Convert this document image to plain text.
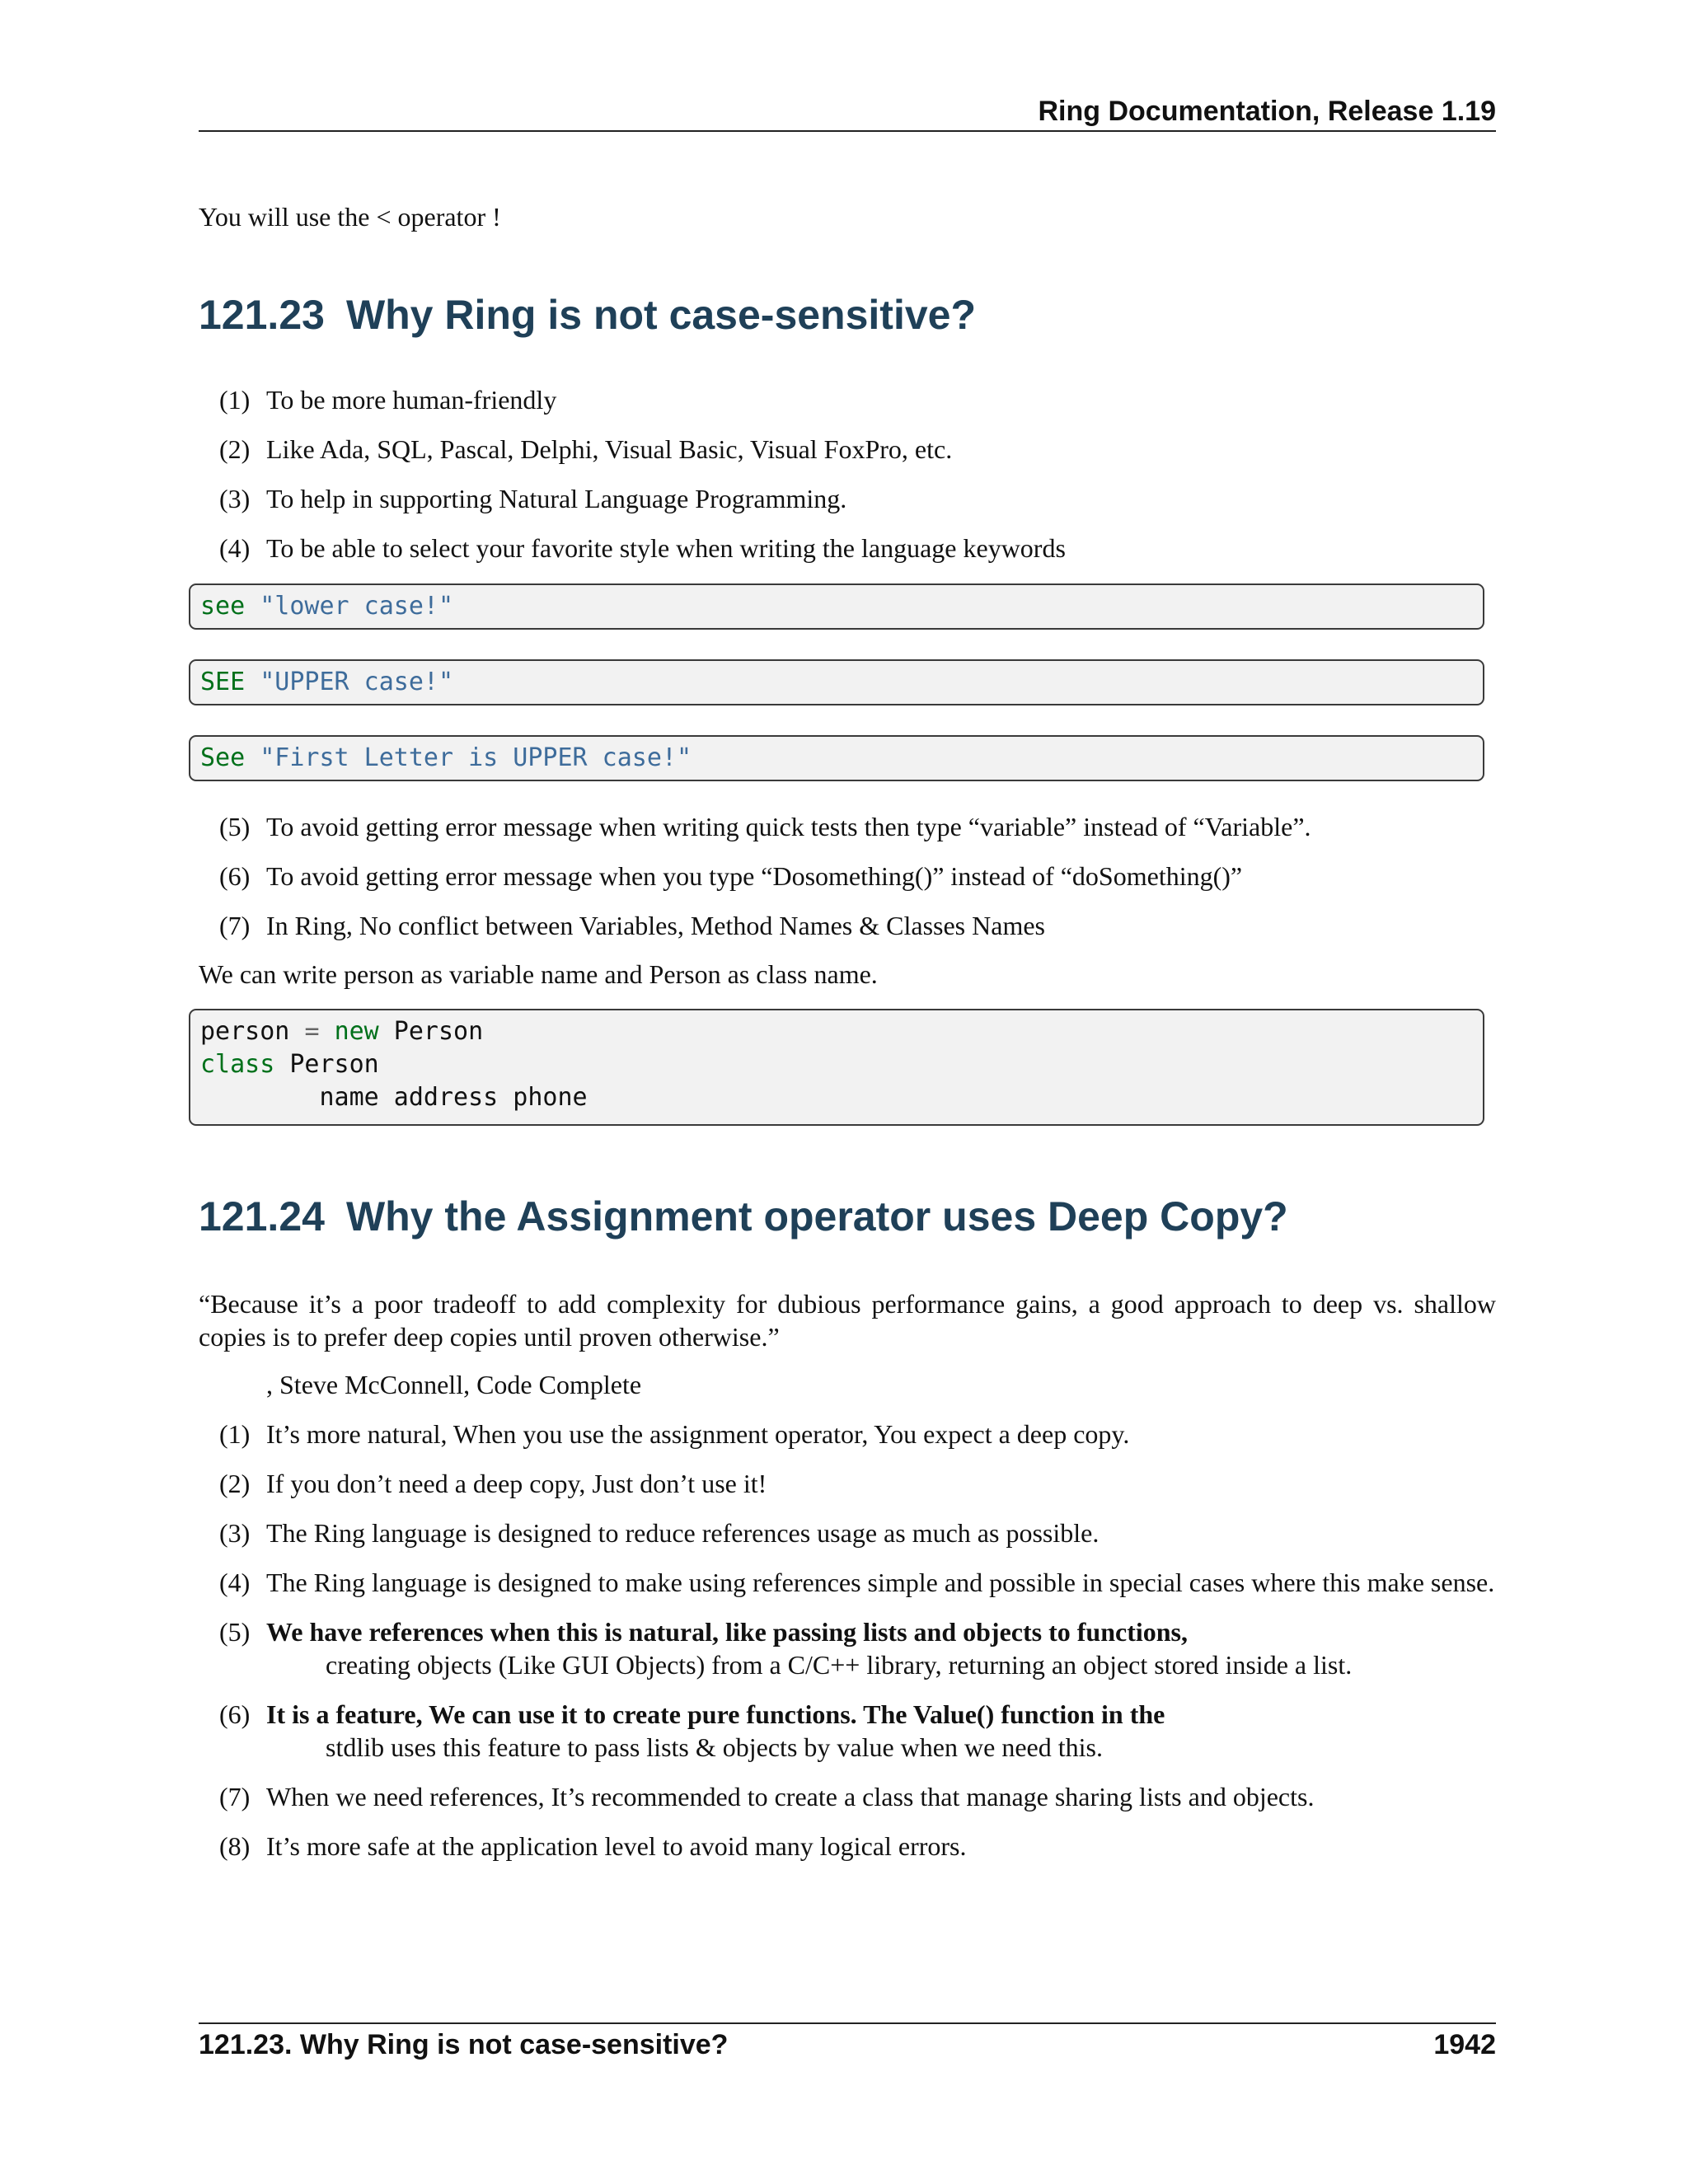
Ring Documentation, Release 1.19
You will use the < operator !
121.23 Why Ring is not case-sensitive?
(1) To be more human-friendly
(2) Like Ada, SQL, Pascal, Delphi, Visual Basic, Visual FoxPro, etc.
(3) To help in supporting Natural Language Programming.
(4) To be able to select your favorite style when writing the language keywords
see "lower case!"
SEE "UPPER case!"
See "First Letter is UPPER case!"
(5) To avoid getting error message when writing quick tests then type “variable” instead of “Variable”.
(6) To avoid getting error message when you type “Dosomething()” instead of “doSomething()”
(7) In Ring, No conflict between Variables, Method Names & Classes Names
We can write person as variable name and Person as class name.
person = new Person
class Person
name address phone
121.24 Why the Assignment operator uses Deep Copy?
“Because it’s a poor tradeoff to add complexity for dubious performance gains, a good approach to deep vs. shallow copies is to prefer deep copies until proven otherwise.”
, Steve McConnell, Code Complete
(1) It’s more natural, When you use the assignment operator, You expect a deep copy.
(2) If you don’t need a deep copy, Just don’t use it!
(3) The Ring language is designed to reduce references usage as much as possible.
(4) The Ring language is designed to make using references simple and possible in special cases where this make sense.
(5) We have references when this is natural, like passing lists and objects to functions,
creating objects (Like GUI Objects) from a C/C++ library, returning an object stored inside a list.
(6) It is a feature, We can use it to create pure functions. The Value() function in the
stdlib uses this feature to pass lists & objects by value when we need this.
(7) When we need references, It’s recommended to create a class that manage sharing lists and objects.
(8) It’s more safe at the application level to avoid many logical errors.
121.23. Why Ring is not case-sensitive?	1942
